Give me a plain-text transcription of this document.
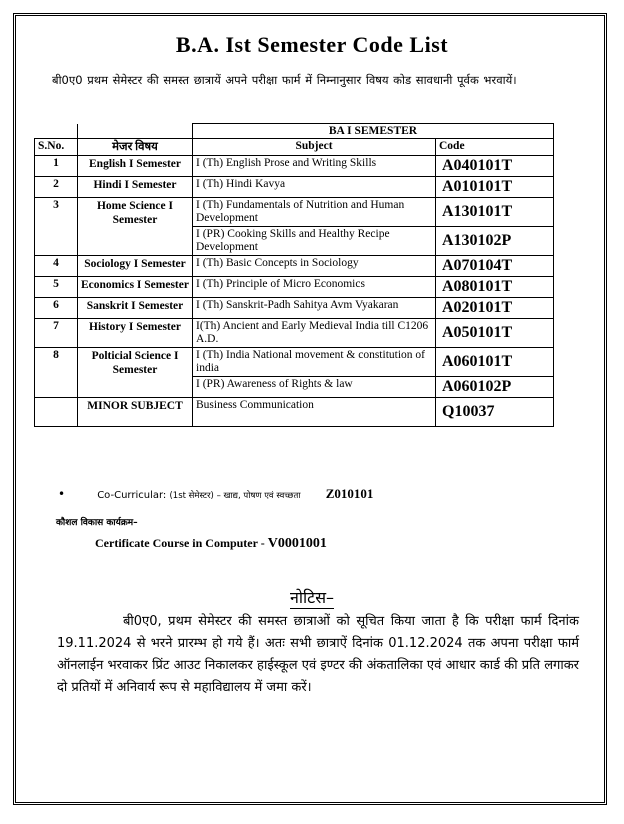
B.A. Ist Semester Code List
बी0ए0 प्रथम सेमेस्टर की समस्त छात्रायें अपने परीक्षा फार्म में निम्नानुसार विषय कोड सावधानी पूर्वक भरवायें।
		BA I SEMESTER	
S.No.	मेजर विषय	Subject	Code
1	English I Semester	I (Th) English Prose and Writing Skills	A040101T
2	Hindi I Semester	I (Th) Hindi Kavya	A010101T
3	Home Science I Semester	I (Th) Fundamentals of Nutrition and Human Development	A130101T
		I (PR) Cooking Skills and Healthy Recipe Development	A130102P
4	Sociology I Semester	I (Th) Basic Concepts in Sociology	A070104T
5	Economics I Semester	I (Th) Principle of Micro Economics	A080101T
6	Sanskrit I Semester	I (Th) Sanskrit-Padh Sahitya Avm Vyakaran	A020101T
7	History I Semester	I(Th) Ancient and Early Medieval India till C1206 A.D.	A050101T
8	Polticial Science I Semester	I (Th) India National movement & constitution of india	A060101T
		I (PR) Awareness of Rights & law	A060102P
	MINOR SUBJECT	Business Communication	Q10037
•	Co-Curricular: (1st सेमेस्टर) – खाद्य, पोषण एवं स्वच्छता Z010101
कौशल विकास कार्यक्रम–
Certificate Course in Computer - V0001001
नोटिस–
बी0ए0, प्रथम सेमेस्टर की समस्त छात्राओं को सूचित किया जाता है कि परीक्षा फार्म दिनांक 19.11.2024 से भरने प्रारम्भ हो गये हैं। अतः सभी छात्राऐं दिनांक 01.12.2024 तक अपना परीक्षा फार्म ऑनलाईन भरवाकर प्रिंट आउट निकालकर हाईस्कूल एवं इण्टर की अंकतालिका एवं आधार कार्ड की प्रति लगाकर दो प्रतियों में अनिवार्य रूप से महाविद्यालय में जमा करें।
